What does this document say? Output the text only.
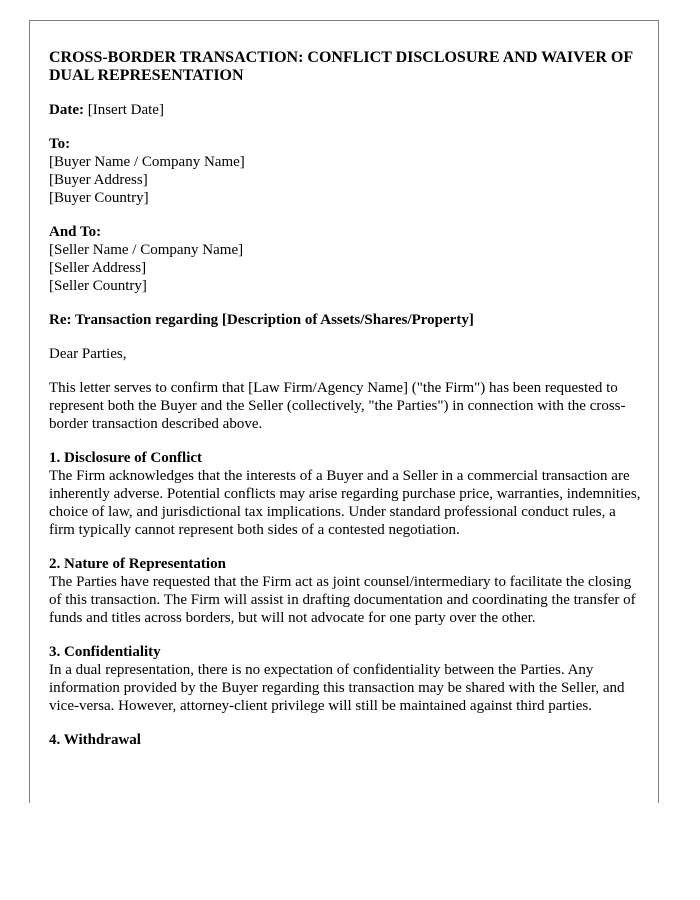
CROSS-BORDER TRANSACTION: CONFLICT DISCLOSURE AND WAIVER OF DUAL REPRESENTATION

Date: [Insert Date]

To:
[Buyer Name / Company Name]
[Buyer Address]
[Buyer Country]
And To:
[Seller Name / Company Name]
[Seller Address]
[Seller Country]

Re: Transaction regarding [Description of Assets/Shares/Property]

Dear Parties,

This letter serves to confirm that [Law Firm/Agency Name] ("the Firm") has been requested to represent both the Buyer and the Seller (collectively, "the Parties") in connection with the cross-border transaction described above.

1. Disclosure of Conflict
The Firm acknowledges that the interests of a Buyer and a Seller in a commercial transaction are inherently adverse. Potential conflicts may arise regarding purchase price, warranties, indemnities, choice of law, and jurisdictional tax implications. Under standard professional conduct rules, a firm typically cannot represent both sides of a contested negotiation.
2. Nature of Representation
The Parties have requested that the Firm act as joint counsel/intermediary to facilitate the closing of this transaction. The Firm will assist in drafting documentation and coordinating the transfer of funds and titles across borders, but will not advocate for one party over the other.
3. Confidentiality
In a dual representation, there is no expectation of confidentiality between the Parties. Any information provided by the Buyer regarding this transaction may be shared with the Seller, and vice-versa. However, attorney-client privilege will still be maintained against third parties.
4. Withdrawal
